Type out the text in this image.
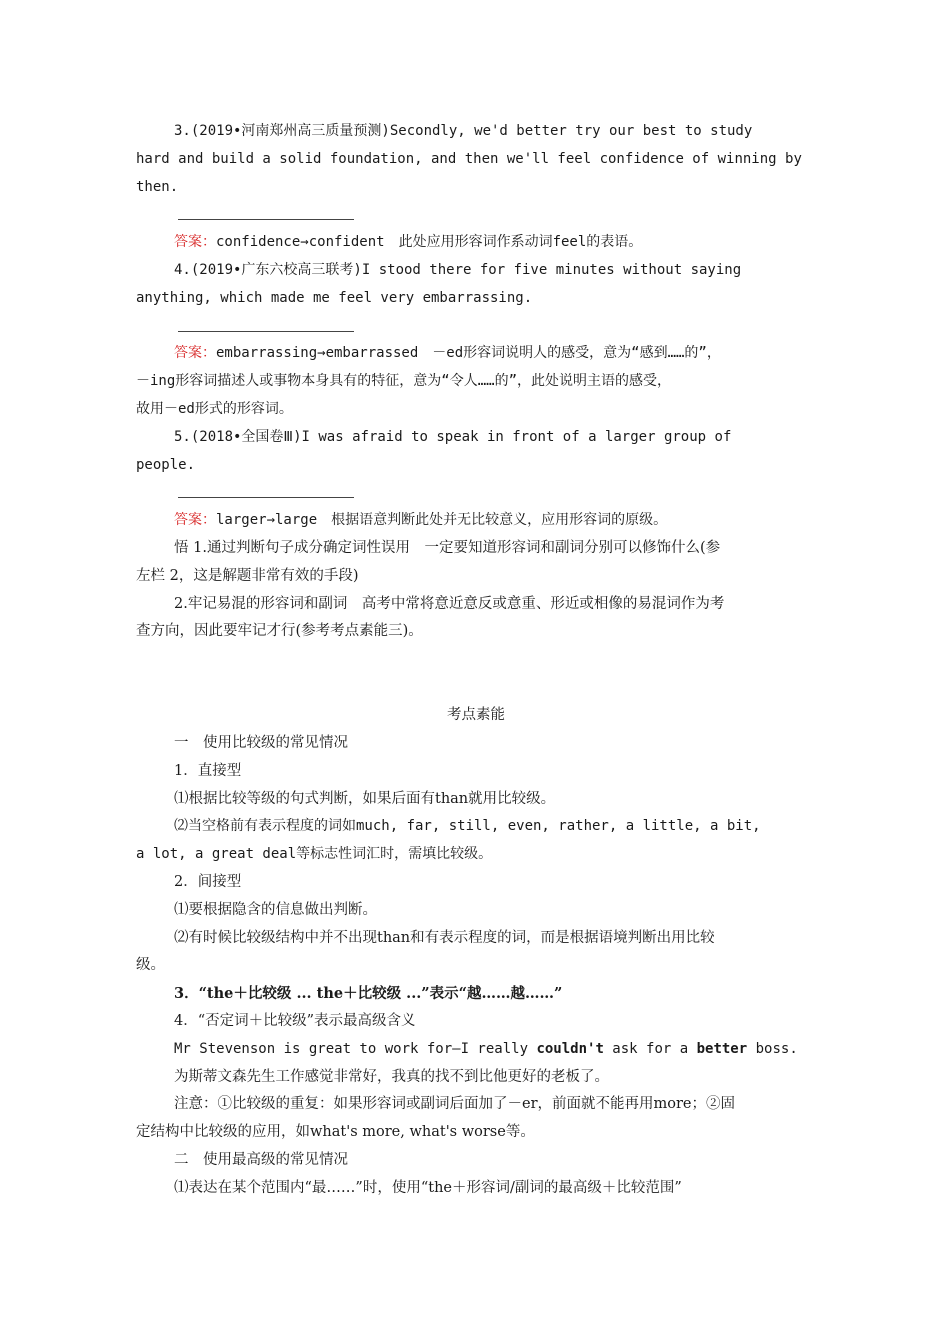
3.(2019•河南郑州高三质量预测)Secondly, we'd better try our best to study
hard and build a solid foundation, and then we'll feel confidence of winning by
then.
答案：confidence→confident　此处应用形容词作系动词feel的表语。
4.(2019•广东六校高三联考)I stood there for five minutes without saying
anything, which made me feel very embarrassing.
答案：embarrassing→embarrassed　－ed形容词说明人的感受，意为“感到……的”，
－ing形容词描述人或事物本身具有的特征，意为“令人……的”，此处说明主语的感受，
故用－ed形式的形容词。
5.(2018•全国卷Ⅲ)I was afraid to speak in front of a larger group of
people.
答案：larger→large　根据语意判断此处并无比较意义，应用形容词的原级。
悟 1.通过判断句子成分确定词性误用　一定要知道形容词和副词分别可以修饰什么(参
左栏 2，这是解题非常有效的手段)
2.牢记易混的形容词和副词　高考中常将意近意反或意重、形近或相像的易混词作为考
查方向，因此要牢记才行(参考考点素能三)。
考点素能
一　使用比较级的常见情况
1．直接型
⑴根据比较等级的句式判断，如果后面有than就用比较级。
⑵当空格前有表示程度的词如much, far, still, even, rather, a little, a bit,
a lot, a great deal等标志性词汇时，需填比较级。
2．间接型
⑴要根据隐含的信息做出判断。
⑵有时候比较级结构中并不出现than和有表示程度的词，而是根据语境判断出用比较
级。
3．“the＋比较级 ... the＋比较级 ...”表示“越……越……”
4．“否定词＋比较级”表示最高级含义
Mr Stevenson is great to work for—I really couldn't ask for a better boss.
为斯蒂文森先生工作感觉非常好，我真的找不到比他更好的老板了。
注意：①比较级的重复：如果形容词或副词后面加了－er，前面就不能再用more；②固
定结构中比较级的应用，如what's more, what's worse等。
二　使用最高级的常见情况
⑴表达在某个范围内“最……”时，使用“the＋形容词/副词的最高级＋比较范围”
